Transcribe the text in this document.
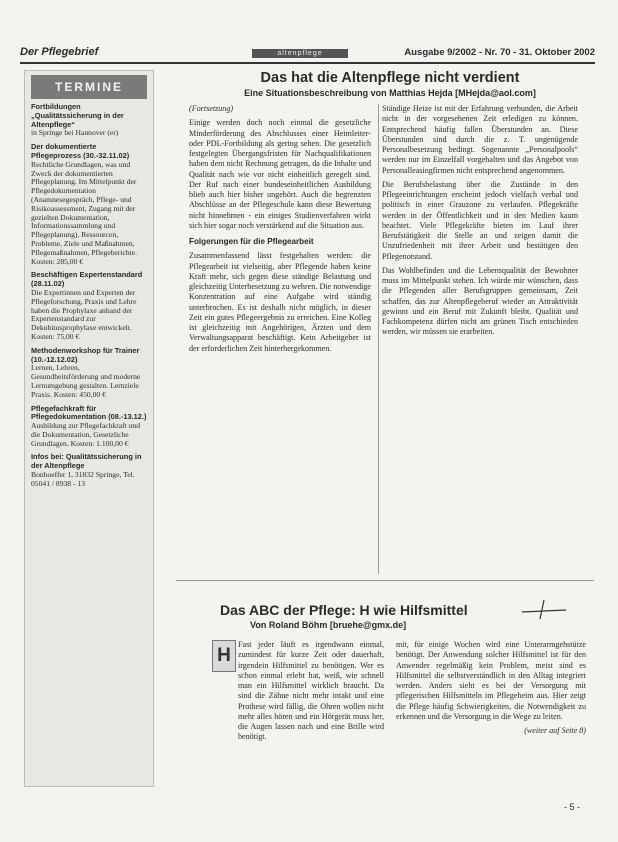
Der Pflegebrief	altenpflege	Ausgabe 9/2002 - Nr. 70 - 31. Oktober 2002
TERMINE

Fortbildungen „Qualitätssicherung in der Altenpflege“

in Springe bei Hannover (er)

Der dokumentierte Pflegeprozess (30.-32.11.02)

Rechtliche Grundlagen, was und Zweck der dokumentierten Pflegeplanung. Im Mittelpunkt der Pflegedokumentation (Anamnesegespräch, Pflege- und Risikoassessment, Zugang mit der gezielten Dokumentation, Informationssammlung und Pflegeplanung), Ressourcen, Probleme, Ziele und Maßnahmen, Pflegemaßnahmen, Pflegeberichte. Kosten: 285,00 €

Beschäftigen Expertenstandard (28.11.02)

Die Expertinnen und Experten der Pflegeforschung, Praxis und Lehre haben die Prophylaxe anhand der Expertenstandard zur Dekubitusprophylaxe entwickelt. Kosten: 75,00 €

Methodenworkshop für Trainer (10.-12.12.02)

Lernen, Lehren, Gesundheitsförderung und moderne Lernumgebung gestalten. Lernziele Praxis. Kosten: 450,00 €

Pflegefachkraft für Pflegedokumentation (08.-13.12.)

Ausbildung zur Pflegefachkraft und die Dokumentation, Gesetzliche Grundlagen. Kosten: 1.100,00 €

Infos bei: Qualitätssicherung in der Altenpflege

Bonhoeffer 1, 31832 Springe, Tel. 05041 / 8938 - 13

Das hat die Altenpflege nicht verdient
Eine Situationsbeschreibung von Matthias Hejda [MHejda@aol.com]

(Fortsetzung)

Einige werden doch noch einmal die gesetzliche Minderförderung des Abschlusses einer Heimleiter- oder PDL-Fortbildung als gering sehen. Die gesetzlich festgelegten Übergangsfristen für Nachqualifikationen haben dem nicht Rechnung getragen, da die Inhalte und Qualität nach wie vor nicht einheitlich geregelt sind. Der Ruf nach einer bundeseinheitlichen Ausbildung blieb auch hier bisher ungehört. Auch die begrenzten Abschlüsse an der Pflegeschule kann diese Bewertung nicht hinnehmen - ein einiges Studienverfahren wirkt sich hier sogar noch verstärkend auf die Situation aus.

Folgerungen für die Pflegearbeit

Zusammenfassend lässt festgehalten werden: die Pflegearbeit ist vielseitig, aber Pflegende haben keine Kraft mehr, sich gegen diese ständige Belastung und gleichzeitig Unterbesetzung zu wehren. Die notwendige Konzentration auf eine Aufgabe wird ständig unterbrochen. Es ist deshalb nicht möglich, in dieser Zeit ein gutes Pflegeergebnis zu erreichen. Eine Kolleg ist gleichzeitig mit Angehörigen, Ärzten und dem Verwaltungsapparat beschäftigt. Kein Arbeitgeber ist der erforderlichen Zeit hinterhergekommen.

Ständige Hetze ist mit der Erfahrung verbunden, die Arbeit nicht in der vorgesehenen Zeit erledigen zu können. Entsprechend häufig fallen Überstunden an. Diese Überstunden sind durch die z. T. ungenügende Personalbesetzung bedingt. Sogenannte „Personalpools“ werden nur im Einzelfall vorgehalten und das Angebot von Personalleasingfirmen nicht entsprechend angenommen.

Die Berufsbelastung über die Zustände in den Pflegeeinrichtungen erscheint jedoch vielfach verbal und politisch in einer Grauzone zu verlaufen. Pflegekräfte werden in der Öffentlichkeit und in den Medien kaum beachtet. Viele Pflegekräfte bieten im Lauf ihrer Berufstätigkeit die Stelle an und zeigen damit die Unzufriedenheit mit ihrer Arbeit und bestätigen den Pflegenotstand.

Das Wohlbefinden und die Lebensqualität der Bewohner muss im Mittelpunkt stehen. Ich würde mir wünschen, dass die Pflegenden aller Berufsgruppen gemeinsam, Zeit schaffen, das zur Altenpflegeberuf wieder an Attraktivität gewinnt und ein Beruf mit Zukunft bleibt. Qualität und Fachkompetenz dürfen nicht am grünen Tisch entschieden werden, wir müssen sie erarbeiten.

Das ABC der Pflege: H wie Hilfsmittel
Von Roland Böhm [bruehe@gmx.de]
H

Fast jeder läuft es irgendwann einmal, zumindest für kurze Zeit oder dauerhaft, irgendein Hilfsmittel zu benötigen. Wer es schon einmal erlebt hat, weiß, wie schnell man ein Hilfsmittel wirklich braucht. Da sind die Zähne nicht mehr intakt und eine Prothese wird fällig, die Ohren wollen nicht mehr alles hören und ein Hörgerät muss her, die Augen lassen nach und eine Brille wird benötigt.

mit, für einige Wochen wird eine Unterarmgehstütze benötigt. Der Anwendung solcher Hilfsmittel ist für den Anwender regelmäßig kein Problem, meist sind es Hilfsmittel die selbstverständlich in den Alltag integriert werden. Anders sieht es bei der Versorgung mit pflegerischen Hilfsmitteln im Pflegeheim aus. Hier zeigt die Pflege häufig Schwierigkeiten, die Notwendigkeit zu erkennen und die Versorgung in die Wege zu leiten.

(weiter auf Seite 8)

- 5 -
